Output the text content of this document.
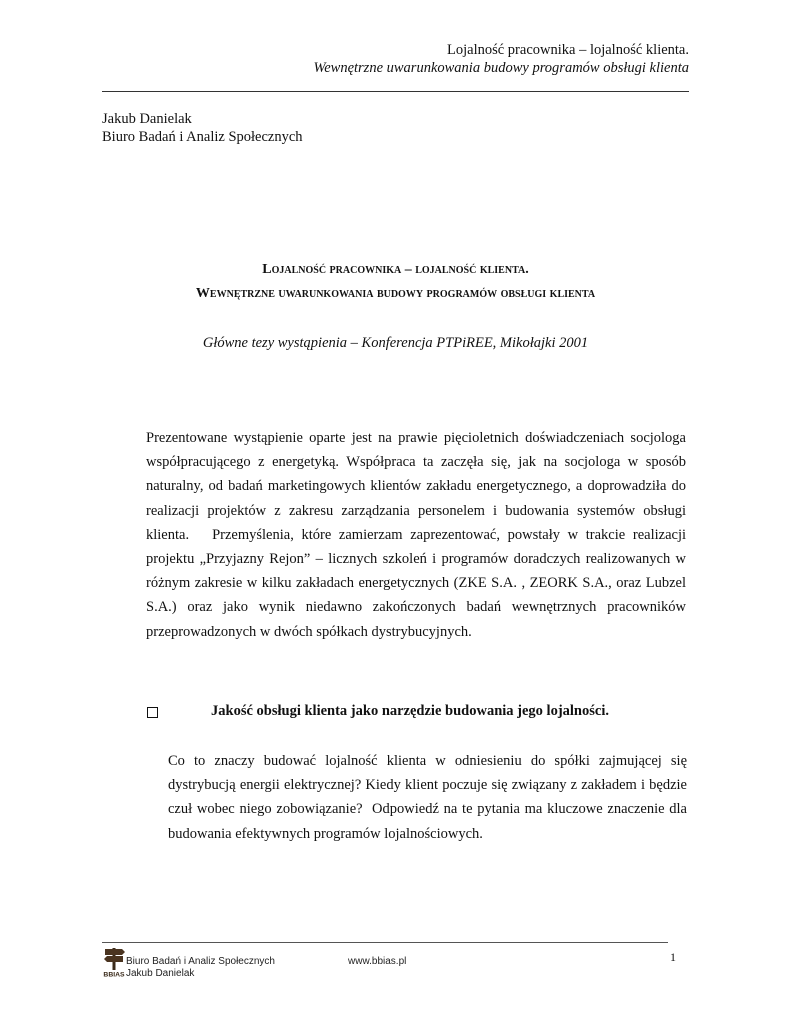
Lojalność pracownika – lojalność klienta.
Wewnętrzne uwarunkowania budowy programów obsługi klienta
Jakub Danielak
Biuro Badań i Analiz Społecznych
Lojalność pracownika – lojalność klienta.
Wewnętrzne uwarunkowania budowy programów obsługi klienta
Główne tezy wystąpienia – Konferencja PTPiREE, Mikołajki 2001
Prezentowane wystąpienie oparte jest na prawie pięcioletnich doświadczeniach socjologa
współpracującego z energetyką. Współpraca ta zaczęła się, jak na socjologa w sposób
naturalny, od badań marketingowych klientów zakładu energetycznego, a doprowadziła do
realizacji projektów z zakresu zarządzania personelem i budowania systemów obsługi
klienta.   Przemyślenia, które zamierzam zaprezentować, powstały w trakcie realizacji
projektu „Przyjazny Rejon” – licznych szkoleń i programów doradczych realizowanych w
różnym zakresie w kilku zakładach energetycznych (ZKE S.A. , ZEORK S.A., oraz Lubzel
S.A.) oraz jako wynik niedawno zakończonych badań wewnętrznych pracowników
przeprowadzonych w dwóch spółkach dystrybucyjnych.
Jakość obsługi klienta jako narzędzie budowania jego lojalności.
Co to znaczy budować lojalność klienta w odniesieniu do spółki zajmującej się
dystrybucją energii elektrycznej? Kiedy klient poczuje się związany z zakładem i będzie
czuł wobec niego zobowiązanie?  Odpowiedź na te pytania ma kluczowe znaczenie dla
budowania efektywnych programów lojalnościowych.
1
BBIAS
Biuro Badań i Analiz Społecznych	www.bbias.pl
Jakub Danielak
